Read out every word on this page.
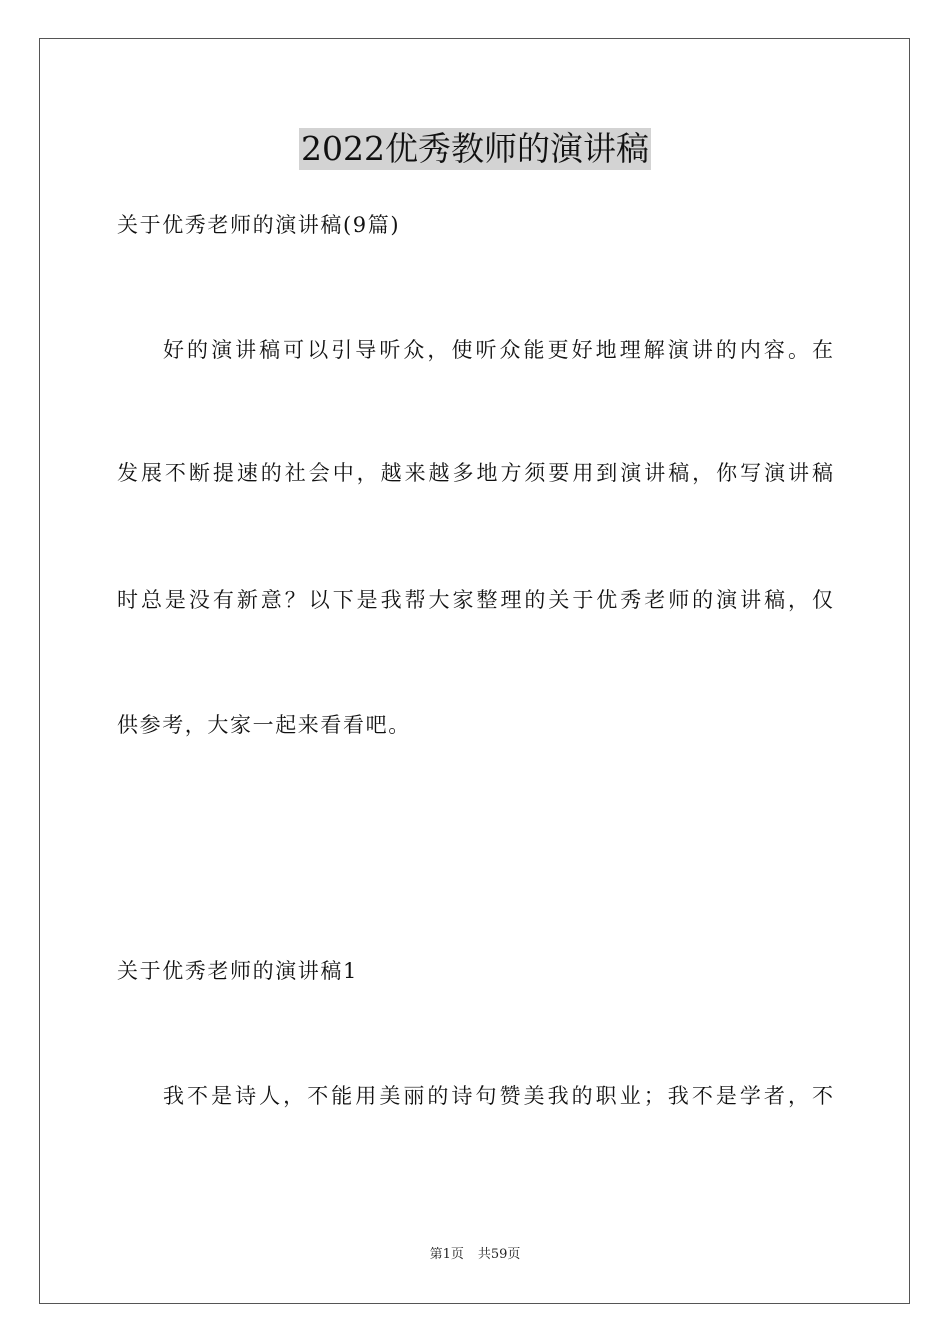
2022优秀教师的演讲稿
关于优秀老师的演讲稿(9篇)
好的演讲稿可以引导听众，使听众能更好地理解演讲的内容。在
发展不断提速的社会中，越来越多地方须要用到演讲稿，你写演讲稿
时总是没有新意？以下是我帮大家整理的关于优秀老师的演讲稿，仅
供参考，大家一起来看看吧。
关于优秀老师的演讲稿1
我不是诗人，不能用美丽的诗句赞美我的职业；我不是学者，不
第1页 共59页
